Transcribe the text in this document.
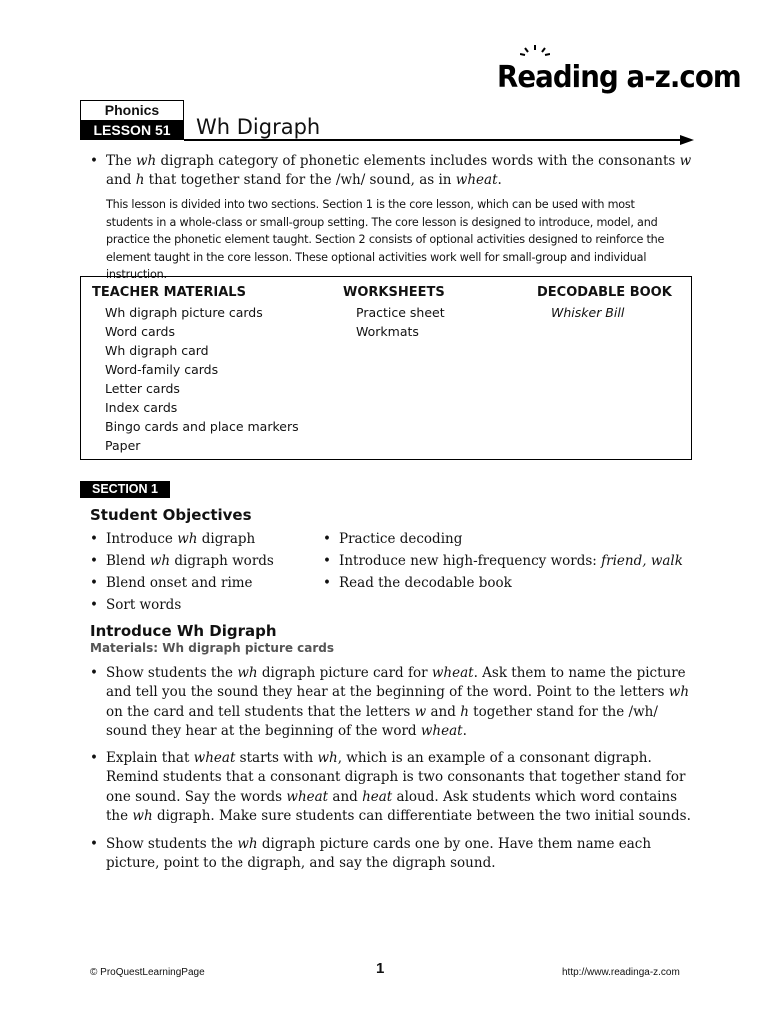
Reading a-z.com
Phonics
LESSON 51	Wh Digraph
• The wh digraph category of phonetic elements includes words with the consonants w and h that together stand for the /wh/ sound, as in wheat.
This lesson is divided into two sections. Section 1 is the core lesson, which can be used with most students in a whole-class or small-group setting. The core lesson is designed to introduce, model, and practice the phonetic element taught. Section 2 consists of optional activities designed to reinforce the element taught in the core lesson. These optional activities work well for small-group and individual instruction.
TEACHER MATERIALS
Wh digraph picture cards
Word cards
Wh digraph card
Word-family cards
Letter cards
Index cards
Bingo cards and place markers
Paper
WORKSHEETS
Practice sheet
Workmats
DECODABLE BOOK
Whisker Bill
SECTION 1
Student Objectives
• Introduce wh digraph
• Blend wh digraph words
• Blend onset and rime
• Sort words
• Practice decoding
• Introduce new high-frequency words: friend, walk
• Read the decodable book
Introduce Wh Digraph
Materials: Wh digraph picture cards
• Show students the wh digraph picture card for wheat. Ask them to name the picture and tell you the sound they hear at the beginning of the word. Point to the letters wh on the card and tell students that the letters w and h together stand for the /wh/ sound they hear at the beginning of the word wheat.
• Explain that wheat starts with wh, which is an example of a consonant digraph. Remind students that a consonant digraph is two consonants that together stand for one sound. Say the words wheat and heat aloud. Ask students which word contains the wh digraph. Make sure students can differentiate between the two initial sounds.
• Show students the wh digraph picture cards one by one. Have them name each picture, point to the digraph, and say the digraph sound.
© ProQuestLearningPage	1	http://www.readinga-z.com
